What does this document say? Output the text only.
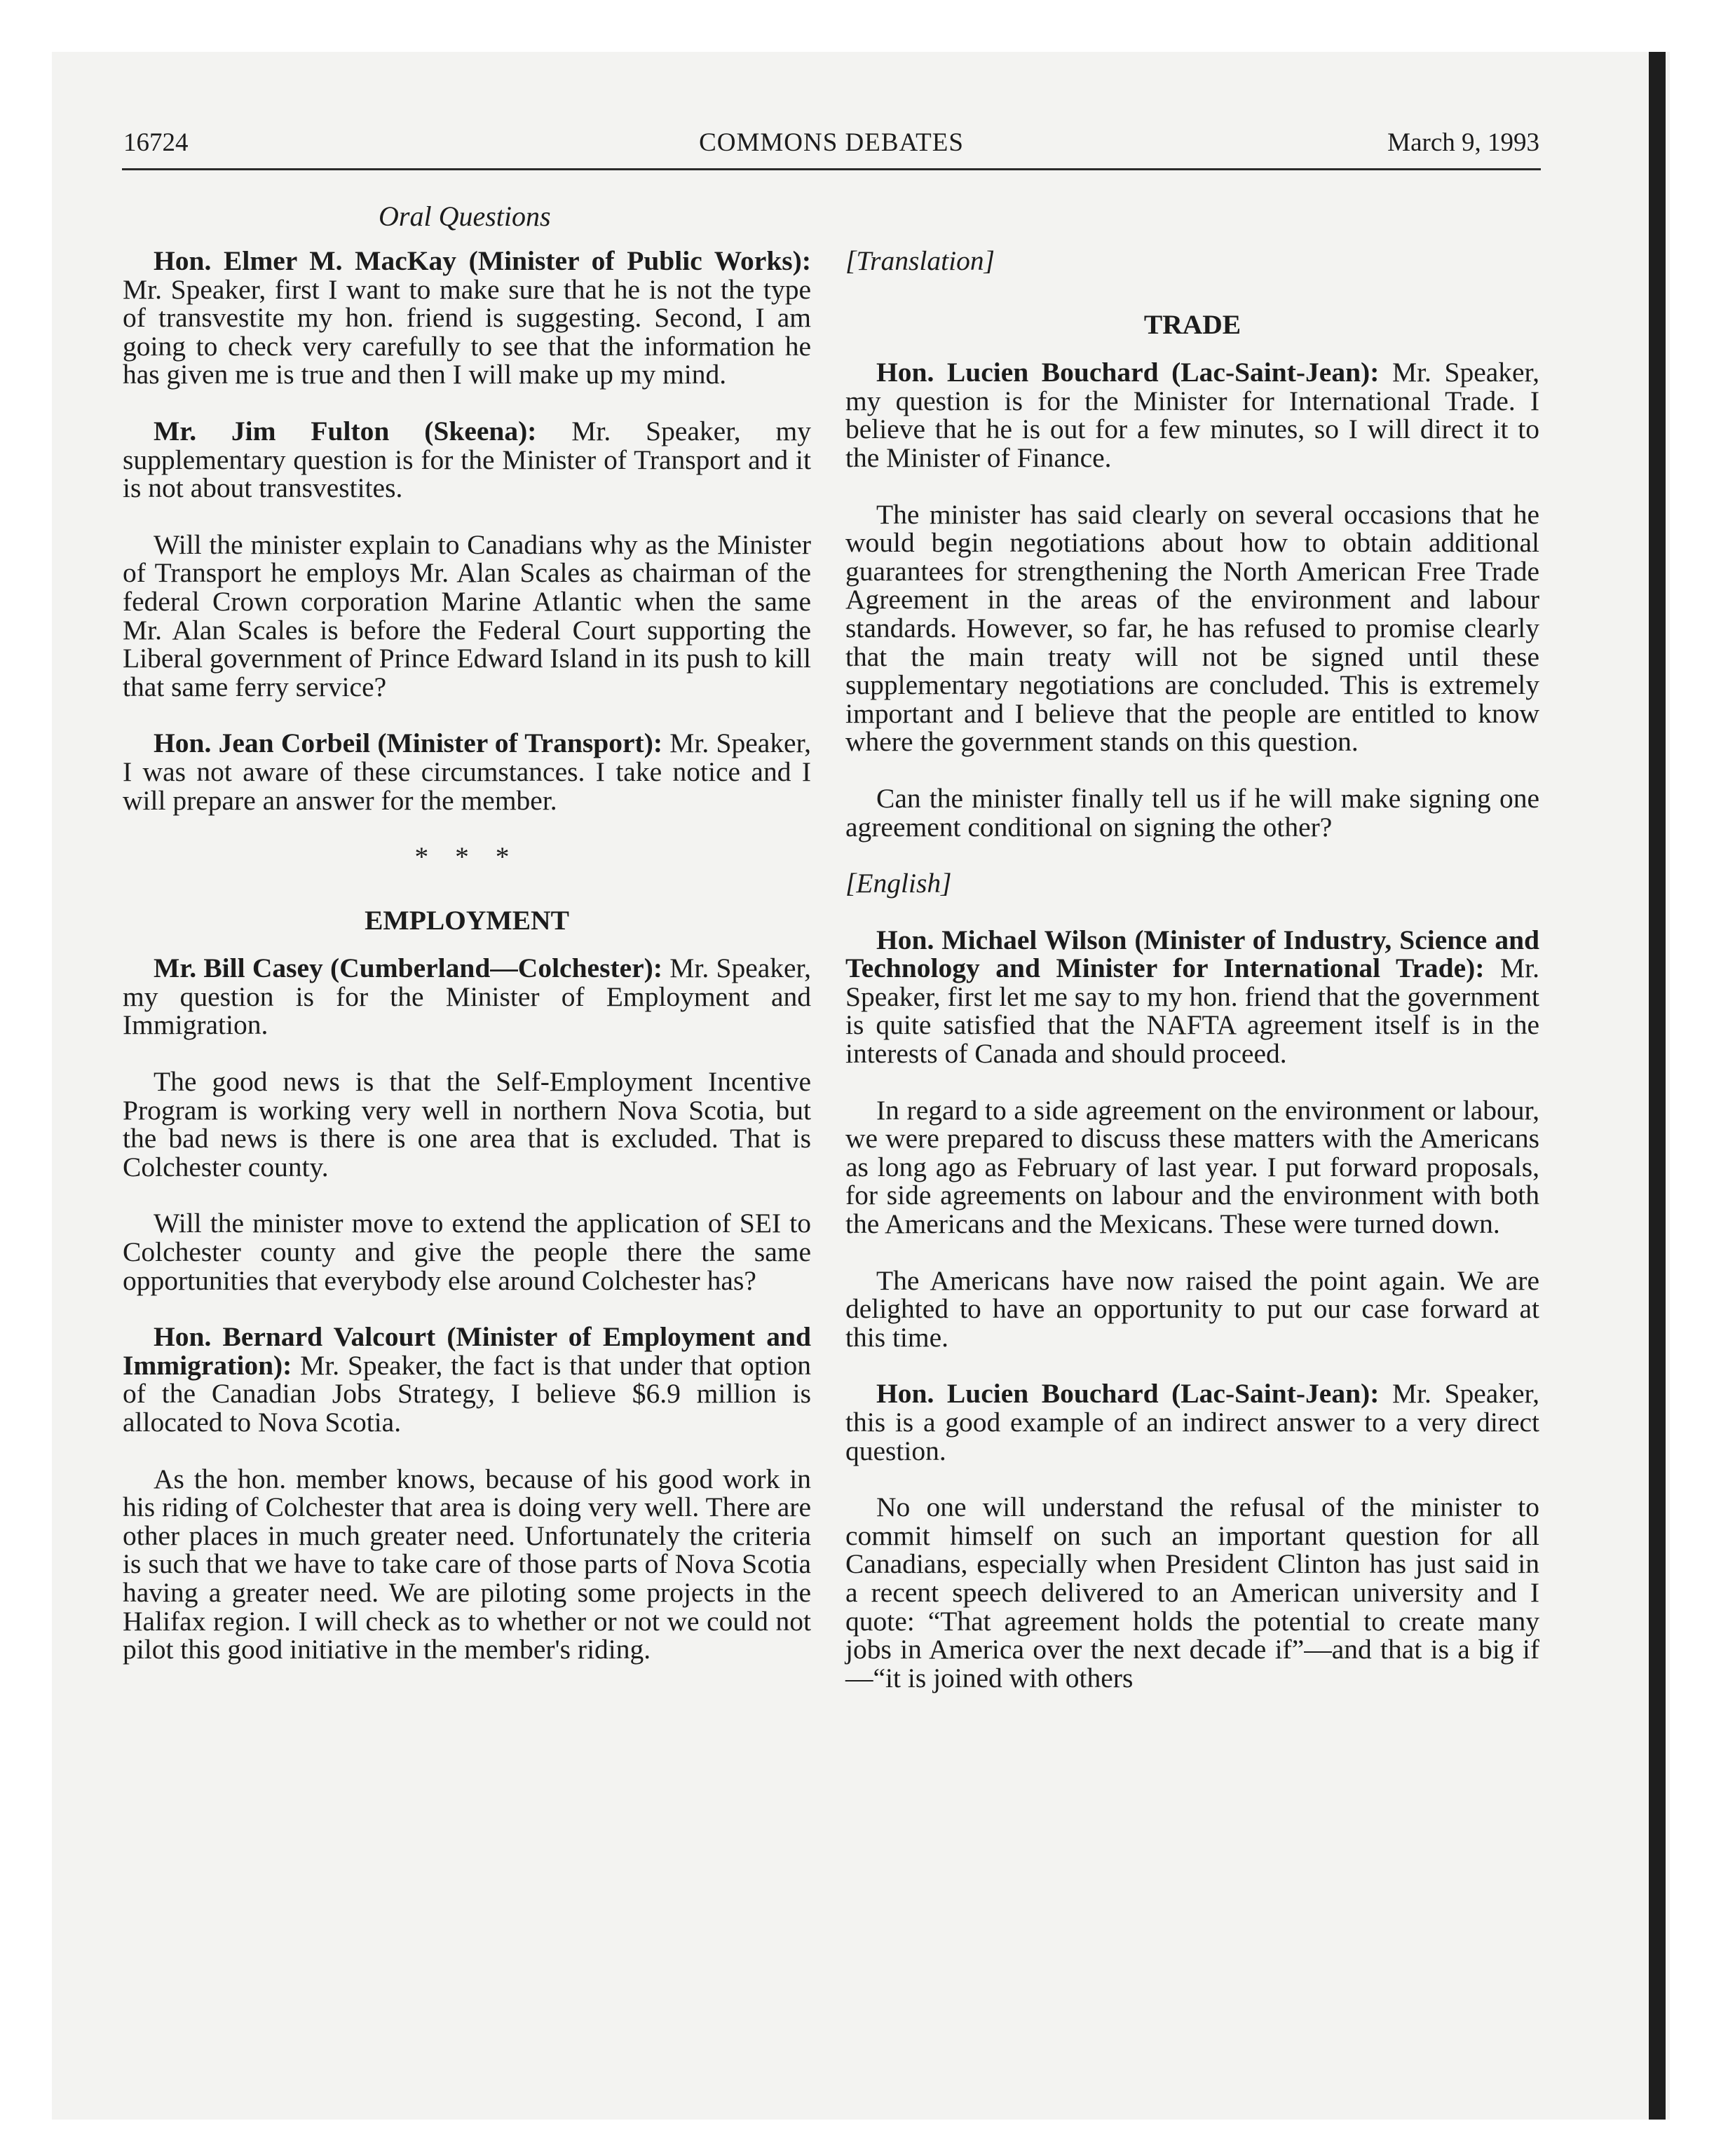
16724	COMMONS DEBATES	March 9, 1993
Oral Questions

Hon. Elmer M. MacKay (Minister of Public Works): Mr. Speaker, first I want to make sure that he is not the type of transvestite my hon. friend is suggesting. Second, I am going to check very carefully to see that the information he has given me is true and then I will make up my mind.

Mr. Jim Fulton (Skeena): Mr. Speaker, my supplementary question is for the Minister of Transport and it is not about transvestites.

Will the minister explain to Canadians why as the Minister of Transport he employs Mr. Alan Scales as chairman of the federal Crown corporation Marine Atlantic when the same Mr. Alan Scales is before the Federal Court supporting the Liberal government of Prince Edward Island in its push to kill that same ferry service?

Hon. Jean Corbeil (Minister of Transport): Mr. Speaker, I was not aware of these circumstances. I take notice and I will prepare an answer for the member.

* * *

EMPLOYMENT

Mr. Bill Casey (Cumberland—Colchester): Mr. Speaker, my question is for the Minister of Employment and Immigration.

The good news is that the Self-Employment Incentive Program is working very well in northern Nova Scotia, but the bad news is there is one area that is excluded. That is Colchester county.

Will the minister move to extend the application of SEI to Colchester county and give the people there the same opportunities that everybody else around Colchester has?

Hon. Bernard Valcourt (Minister of Employment and Immigration): Mr. Speaker, the fact is that under that option of the Canadian Jobs Strategy, I believe $6.9 million is allocated to Nova Scotia.

As the hon. member knows, because of his good work in his riding of Colchester that area is doing very well. There are other places in much greater need. Unfortunately the criteria is such that we have to take care of those parts of Nova Scotia having a greater need. We are piloting some projects in the Halifax region. I will check as to whether or not we could not pilot this good initiative in the member's riding.

[Translation]

TRADE

Hon. Lucien Bouchard (Lac-Saint-Jean): Mr. Speaker, my question is for the Minister for International Trade. I believe that he is out for a few minutes, so I will direct it to the Minister of Finance.

The minister has said clearly on several occasions that he would begin negotiations about how to obtain additional guarantees for strengthening the North American Free Trade Agreement in the areas of the environment and labour standards. However, so far, he has refused to promise clearly that the main treaty will not be signed until these supplementary negotiations are concluded. This is extremely important and I believe that the people are entitled to know where the government stands on this question.

Can the minister finally tell us if he will make signing one agreement conditional on signing the other?

[English]

Hon. Michael Wilson (Minister of Industry, Science and Technology and Minister for International Trade): Mr. Speaker, first let me say to my hon. friend that the government is quite satisfied that the NAFTA agreement itself is in the interests of Canada and should proceed.

In regard to a side agreement on the environment or labour, we were prepared to discuss these matters with the Americans as long ago as February of last year. I put forward proposals, for side agreements on labour and the environment with both the Americans and the Mexicans. These were turned down.

The Americans have now raised the point again. We are delighted to have an opportunity to put our case forward at this time.

Hon. Lucien Bouchard (Lac-Saint-Jean): Mr. Speaker, this is a good example of an indirect answer to a very direct question.

No one will understand the refusal of the minister to commit himself on such an important question for all Canadians, especially when President Clinton has just said in a recent speech delivered to an American university and I quote: “That agreement holds the potential to create many jobs in America over the next decade if”—and that is a big if—“it is joined with others
